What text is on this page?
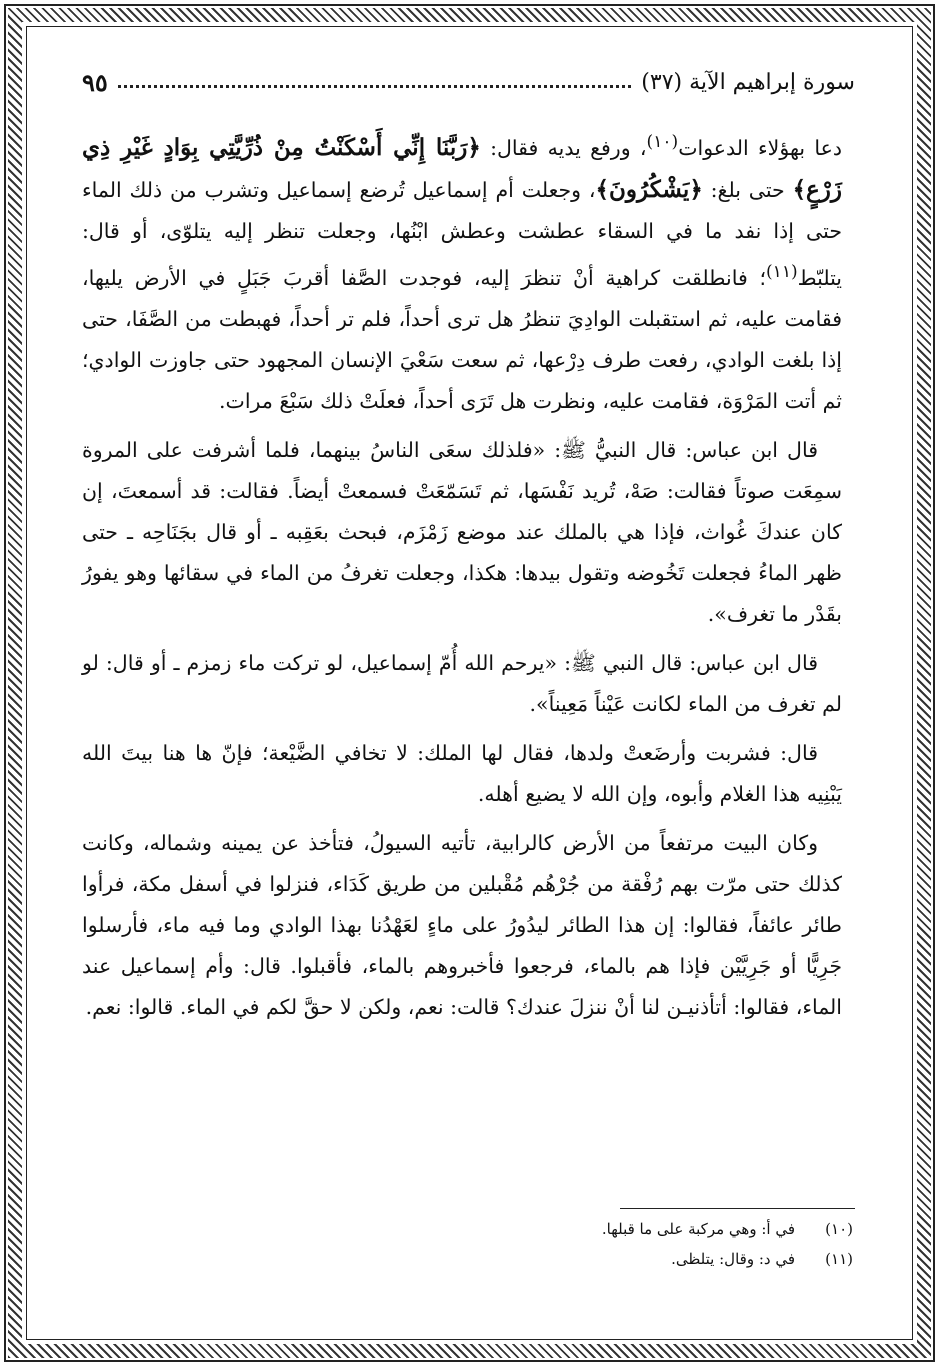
سورة إبراهيم الآية (٣٧)
٩٥

دعا بهؤلاء الدعوات$^{(١٠)}$، ورفع يديه فقال: ﴿رَبَّنَا إِنِّي أَسْكَنْتُ مِنْ ذُرِّيَّتِي بِوَادٍ غَيْرِ ذِي زَرْعٍ﴾ حتى بلغ: ﴿يَشْكُرُونَ﴾، وجعلت أم إسماعيل تُرضع إسماعيل وتشرب من ذلك الماء حتى إذا نفد ما في السقاء عطشت وعطش ابْنُها، وجعلت تنظر إليه يتلوّى، أو قال: يتلبّط$^{(١١)}$؛ فانطلقت كراهية أنْ تنظرَ إليه، فوجدت الصَّفا أقربَ جَبَلٍ في الأرض يليها، فقامت عليه، ثم استقبلت الوادِيَ تنظرُ هل ترى أحداً، فلم تر أحداً، فهبطت من الصَّفَا، حتى إذا بلغت الوادي، رفعت طرف دِرْعها، ثم سعت سَعْيَ الإنسان المجهود حتى جاوزت الوادي؛ ثم أتت المَرْوَة، فقامت عليه، ونظرت هل تَرَى أحداً، فعلَتْ ذلك سَبْعَ مرات.

قال ابن عباس: قال النبيُّ ﷺ: «فلذلك سعَى الناسُ بينهما، فلما أشرفت على المروة سمِعَت صوتاً فقالت: صَهْ، تُريد نَفْسَها، ثم تَسَمّعَتْ فسمعتْ أيضاً. فقالت: قد أسمعتَ، إن كان عندكَ غُواث، فإذا هي بالملك عند موضع زَمْزَم، فبحث بعَقِبه ـ أو قال بجَنَاحِه ـ حتى ظهر الماءُ فجعلت تَخُوضه وتقول بيدها: هكذا، وجعلت تغرفُ من الماء في سقائها وهو يفورُ بقَدْر ما تغرف».

قال ابن عباس: قال النبي ﷺ: «يرحم الله أُمّ إسماعيل، لو تركت ماء زمزم ـ أو قال: لو لم تغرف من الماء لكانت عَيْناً مَعِيناً».

قال: فشربت وأرضَعتْ ولدها، فقال لها الملك: لا تخافي الضَّيْعة؛ فإنّ ها هنا بيتَ الله يَبْنِيه هذا الغلام وأبوه، وإن الله لا يضيع أهله.

وكان البيت مرتفعاً من الأرض كالرابية، تأتيه السيولُ، فتأخذ عن يمينه وشماله، وكانت كذلك حتى مرّت بهم رُفْقة من جُرْهُم مُقْبلين من طريق كَدَاء، فنزلوا في أسفل مكة، فرأوا طائر عائفاً، فقالوا: إن هذا الطائر ليدُورُ على ماءٍ لعَهْدُنا بهذا الوادي وما فيه ماء، فأرسلوا جَرِيًّا أو جَرِيَّيْن فإذا هم بالماء، فرجعوا فأخبروهم بالماء، فأقبلوا. قال: وأم إسماعيل عند الماء، فقالوا: أتأذنيـن لنا أنْ ننزلَ عندك؟ قالت: نعم، ولكن لا حقَّ لكم في الماء. قالوا: نعم.

(١٠)
في أ: وهي مركبة على ما قبلها.
(١١)
في د: وقال: يتلظى.
